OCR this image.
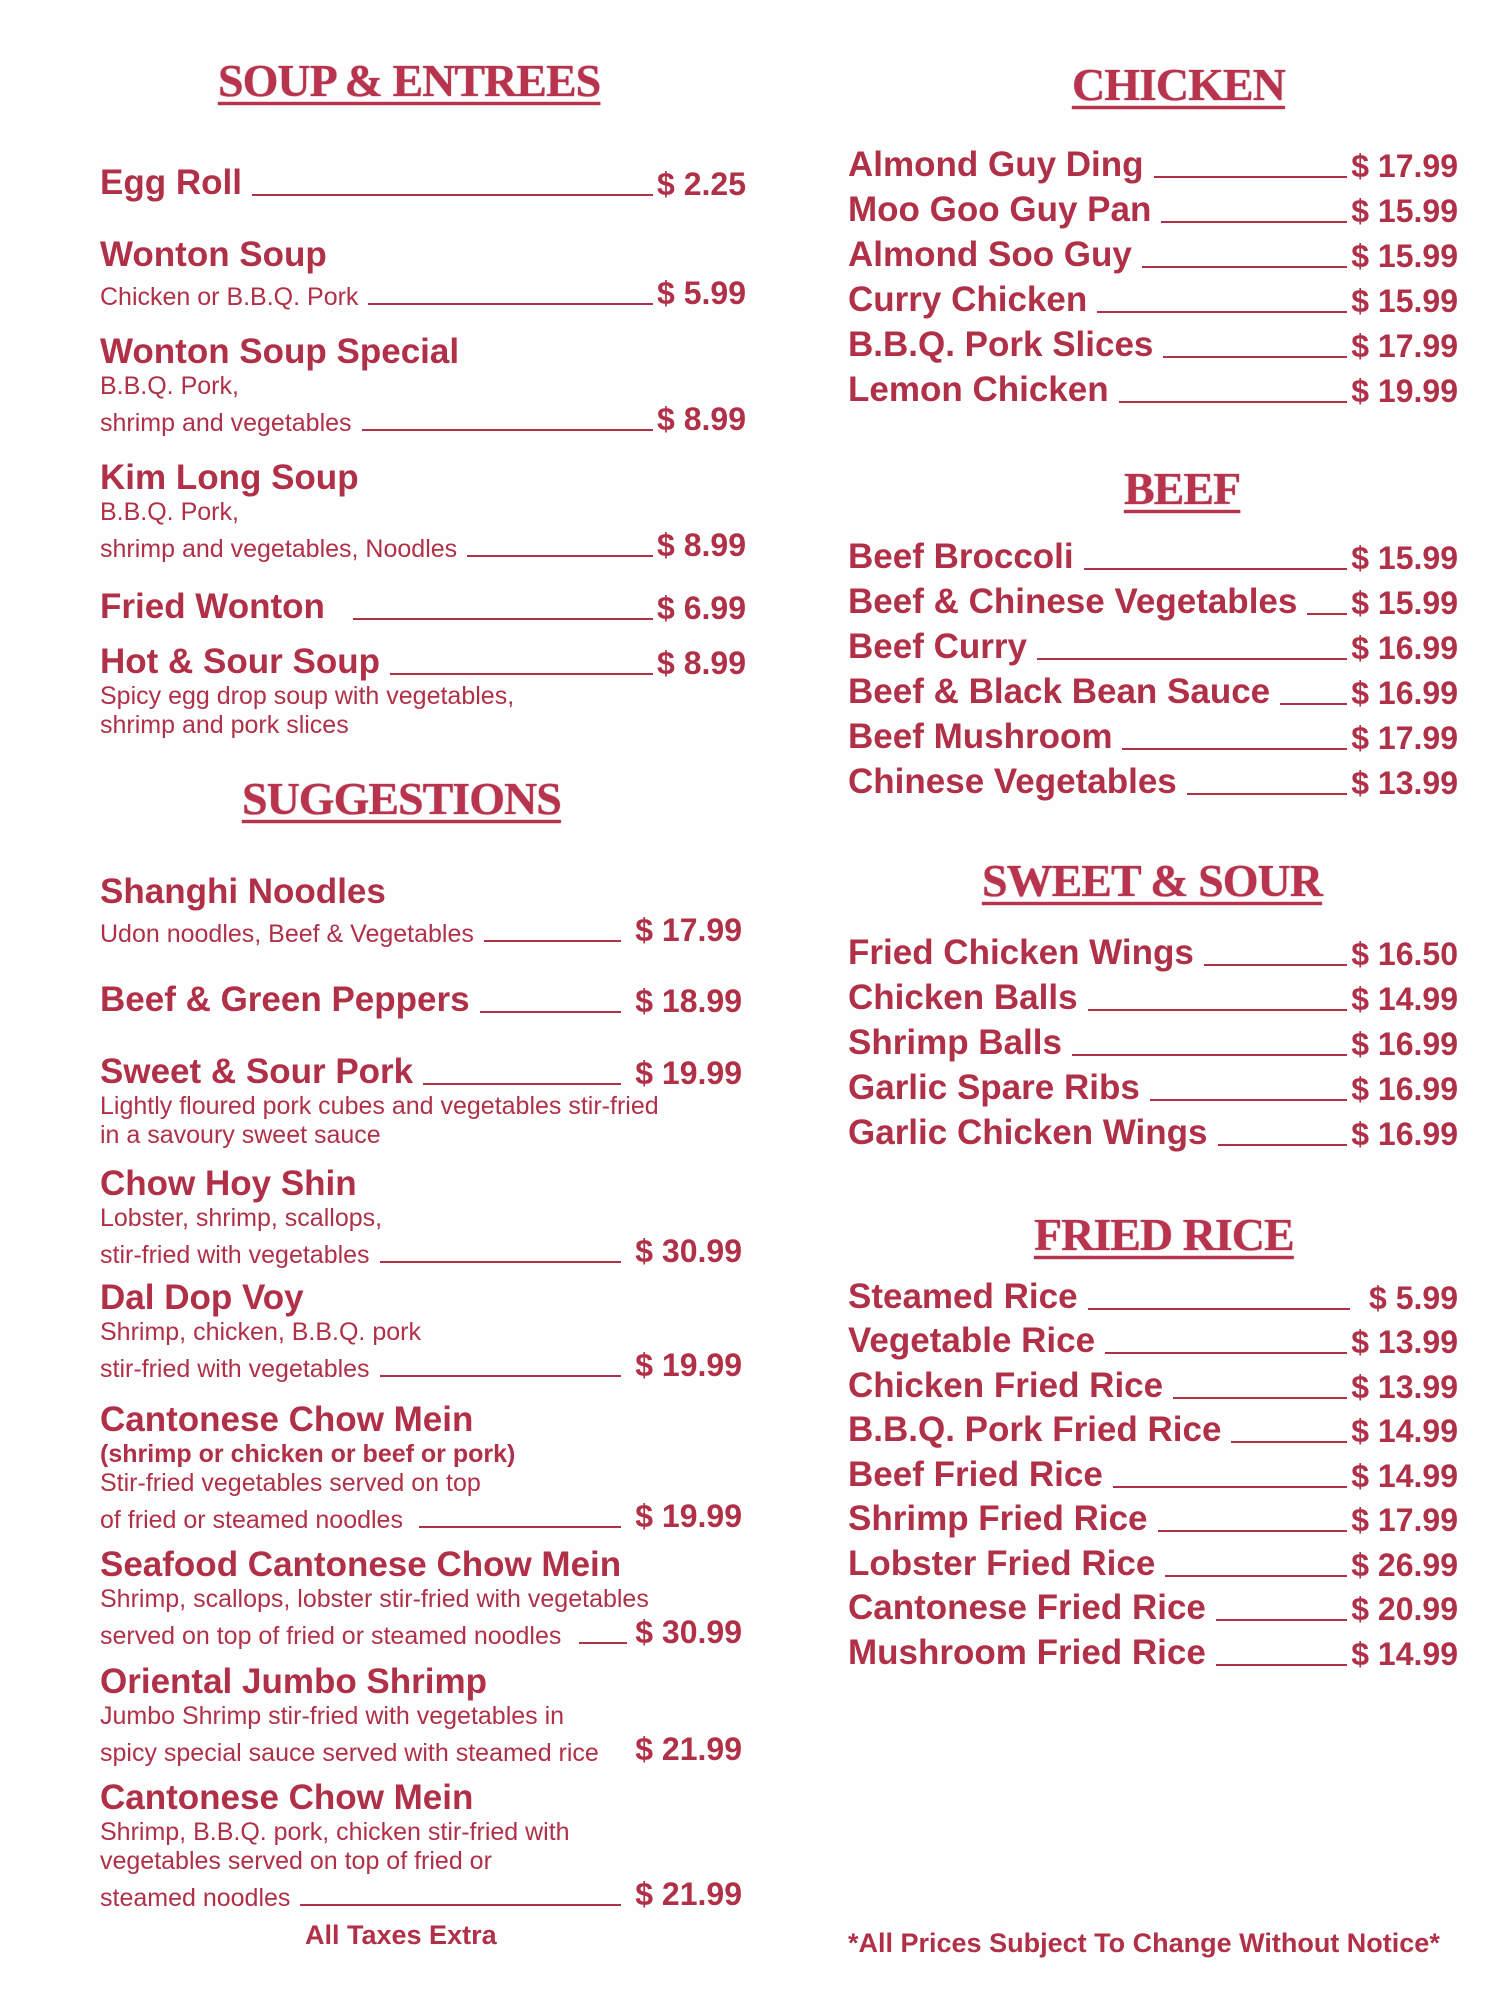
SOUP & ENTREES
Egg Roll	$ 2.25
Wonton Soup
Chicken or B.B.Q. Pork	$ 5.99
Wonton Soup Special
B.B.Q. Pork,
shrimp and vegetables	$ 8.99
Kim Long Soup
B.B.Q. Pork,
shrimp and vegetables, Noodles	$ 8.99
Fried Wonton	$ 6.99
Hot & Sour Soup	$ 8.99
Spicy egg drop soup with vegetables,
shrimp and pork slices
SUGGESTIONS
Shanghi Noodles
Udon noodles, Beef & Vegetables	$ 17.99
Beef & Green Peppers	$ 18.99
Sweet & Sour Pork	$ 19.99
Lightly floured pork cubes and vegetables stir-fried
in a savoury sweet sauce
Chow Hoy Shin
Lobster, shrimp, scallops,
stir-fried with vegetables	$ 30.99
Dal Dop Voy
Shrimp, chicken, B.B.Q. pork
stir-fried with vegetables	$ 19.99
Cantonese Chow Mein
(shrimp or chicken or beef or pork)
Stir-fried vegetables served on top
of fried or steamed noodles	$ 19.99
Seafood Cantonese Chow Mein
Shrimp, scallops, lobster stir-fried with vegetables
served on top of fried or steamed noodles $ 30.99
Oriental Jumbo Shrimp
Jumbo Shrimp stir-fried with vegetables in
spicy special sauce served with steamed rice $ 21.99
Cantonese Chow Mein
Shrimp, B.B.Q. pork, chicken stir-fried with
vegetables served on top of fried or
steamed noodles	$ 21.99
All Taxes Extra
CHICKEN
Almond Guy Ding	$ 17.99
Moo Goo Guy Pan	$ 15.99
Almond Soo Guy	$ 15.99
Curry Chicken	$ 15.99
B.B.Q. Pork Slices	$ 17.99
Lemon Chicken	$ 19.99
BEEF
Beef Broccoli	$ 15.99
Beef & Chinese Vegetables $ 15.99
Beef Curry	$ 16.99
Beef & Black Bean Sauce	$ 16.99
Beef Mushroom	$ 17.99
Chinese Vegetables	$ 13.99
SWEET & SOUR
Fried Chicken Wings	$ 16.50
Chicken Balls	$ 14.99
Shrimp Balls	$ 16.99
Garlic Spare Ribs	$ 16.99
Garlic Chicken Wings	$ 16.99
FRIED RICE
Steamed Rice	$ 5.99
Vegetable Rice	$ 13.99
Chicken Fried Rice	$ 13.99
B.B.Q. Pork Fried Rice	$ 14.99
Beef Fried Rice	$ 14.99
Shrimp Fried Rice	$ 17.99
Lobster Fried Rice	$ 26.99
Cantonese Fried Rice	$ 20.99
Mushroom Fried Rice	$ 14.99
*All Prices Subject To Change Without Notice*
